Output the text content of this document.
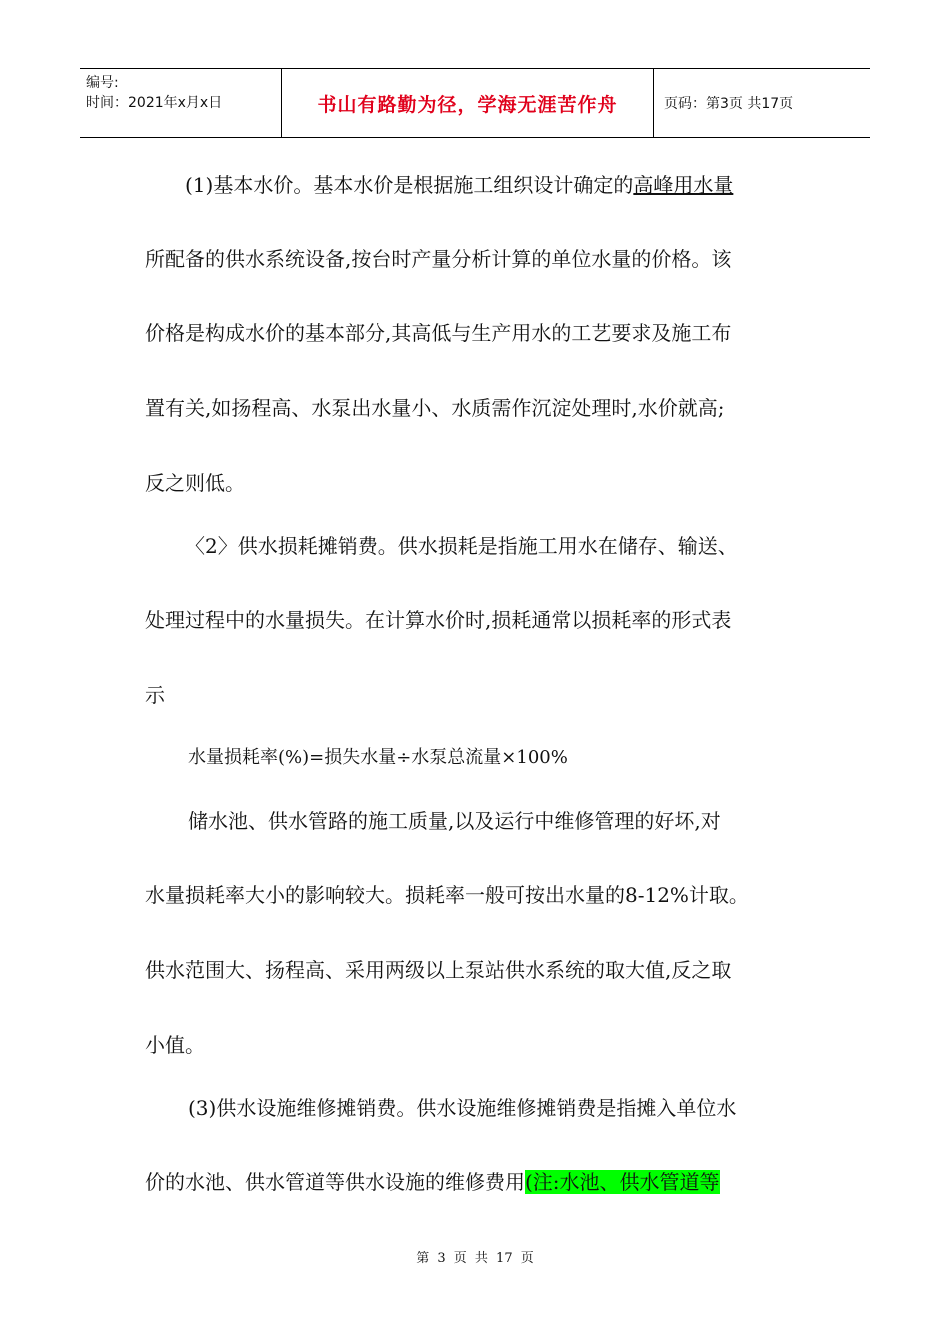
编号:
时间：2021年x月x日	书山有路勤为径，学海无涯苦作舟	页码：第3页 共17页
(1)基本水价。基本水价是根据施工组织设计确定的高峰用水量
所配备的供水系统设备,按台时产量分析计算的单位水量的价格。该
价格是构成水价的基本部分,其高低与生产用水的工艺要求及施工布
置有关,如扬程高、水泵出水量小、水质需作沉淀处理时,水价就高;
反之则低。
〈2〉供水损耗摊销费。供水损耗是指施工用水在储存、输送、
处理过程中的水量损失。在计算水价时,损耗通常以损耗率的形式表
示
水量损耗率(%)=损失水量÷水泵总流量×100%
储水池、供水管路的施工质量,以及运行中维修管理的好坏,对
水量损耗率大小的影响较大。损耗率一般可按出水量的8-12%计取。
供水范围大、扬程高、采用两级以上泵站供水系统的取大值,反之取
小值。
(3)供水设施维修摊销费。供水设施维修摊销费是指摊入单位水
价的水池、供水管道等供水设施的维修费用(注:水池、供水管道等
第 3 页 共 17 页
